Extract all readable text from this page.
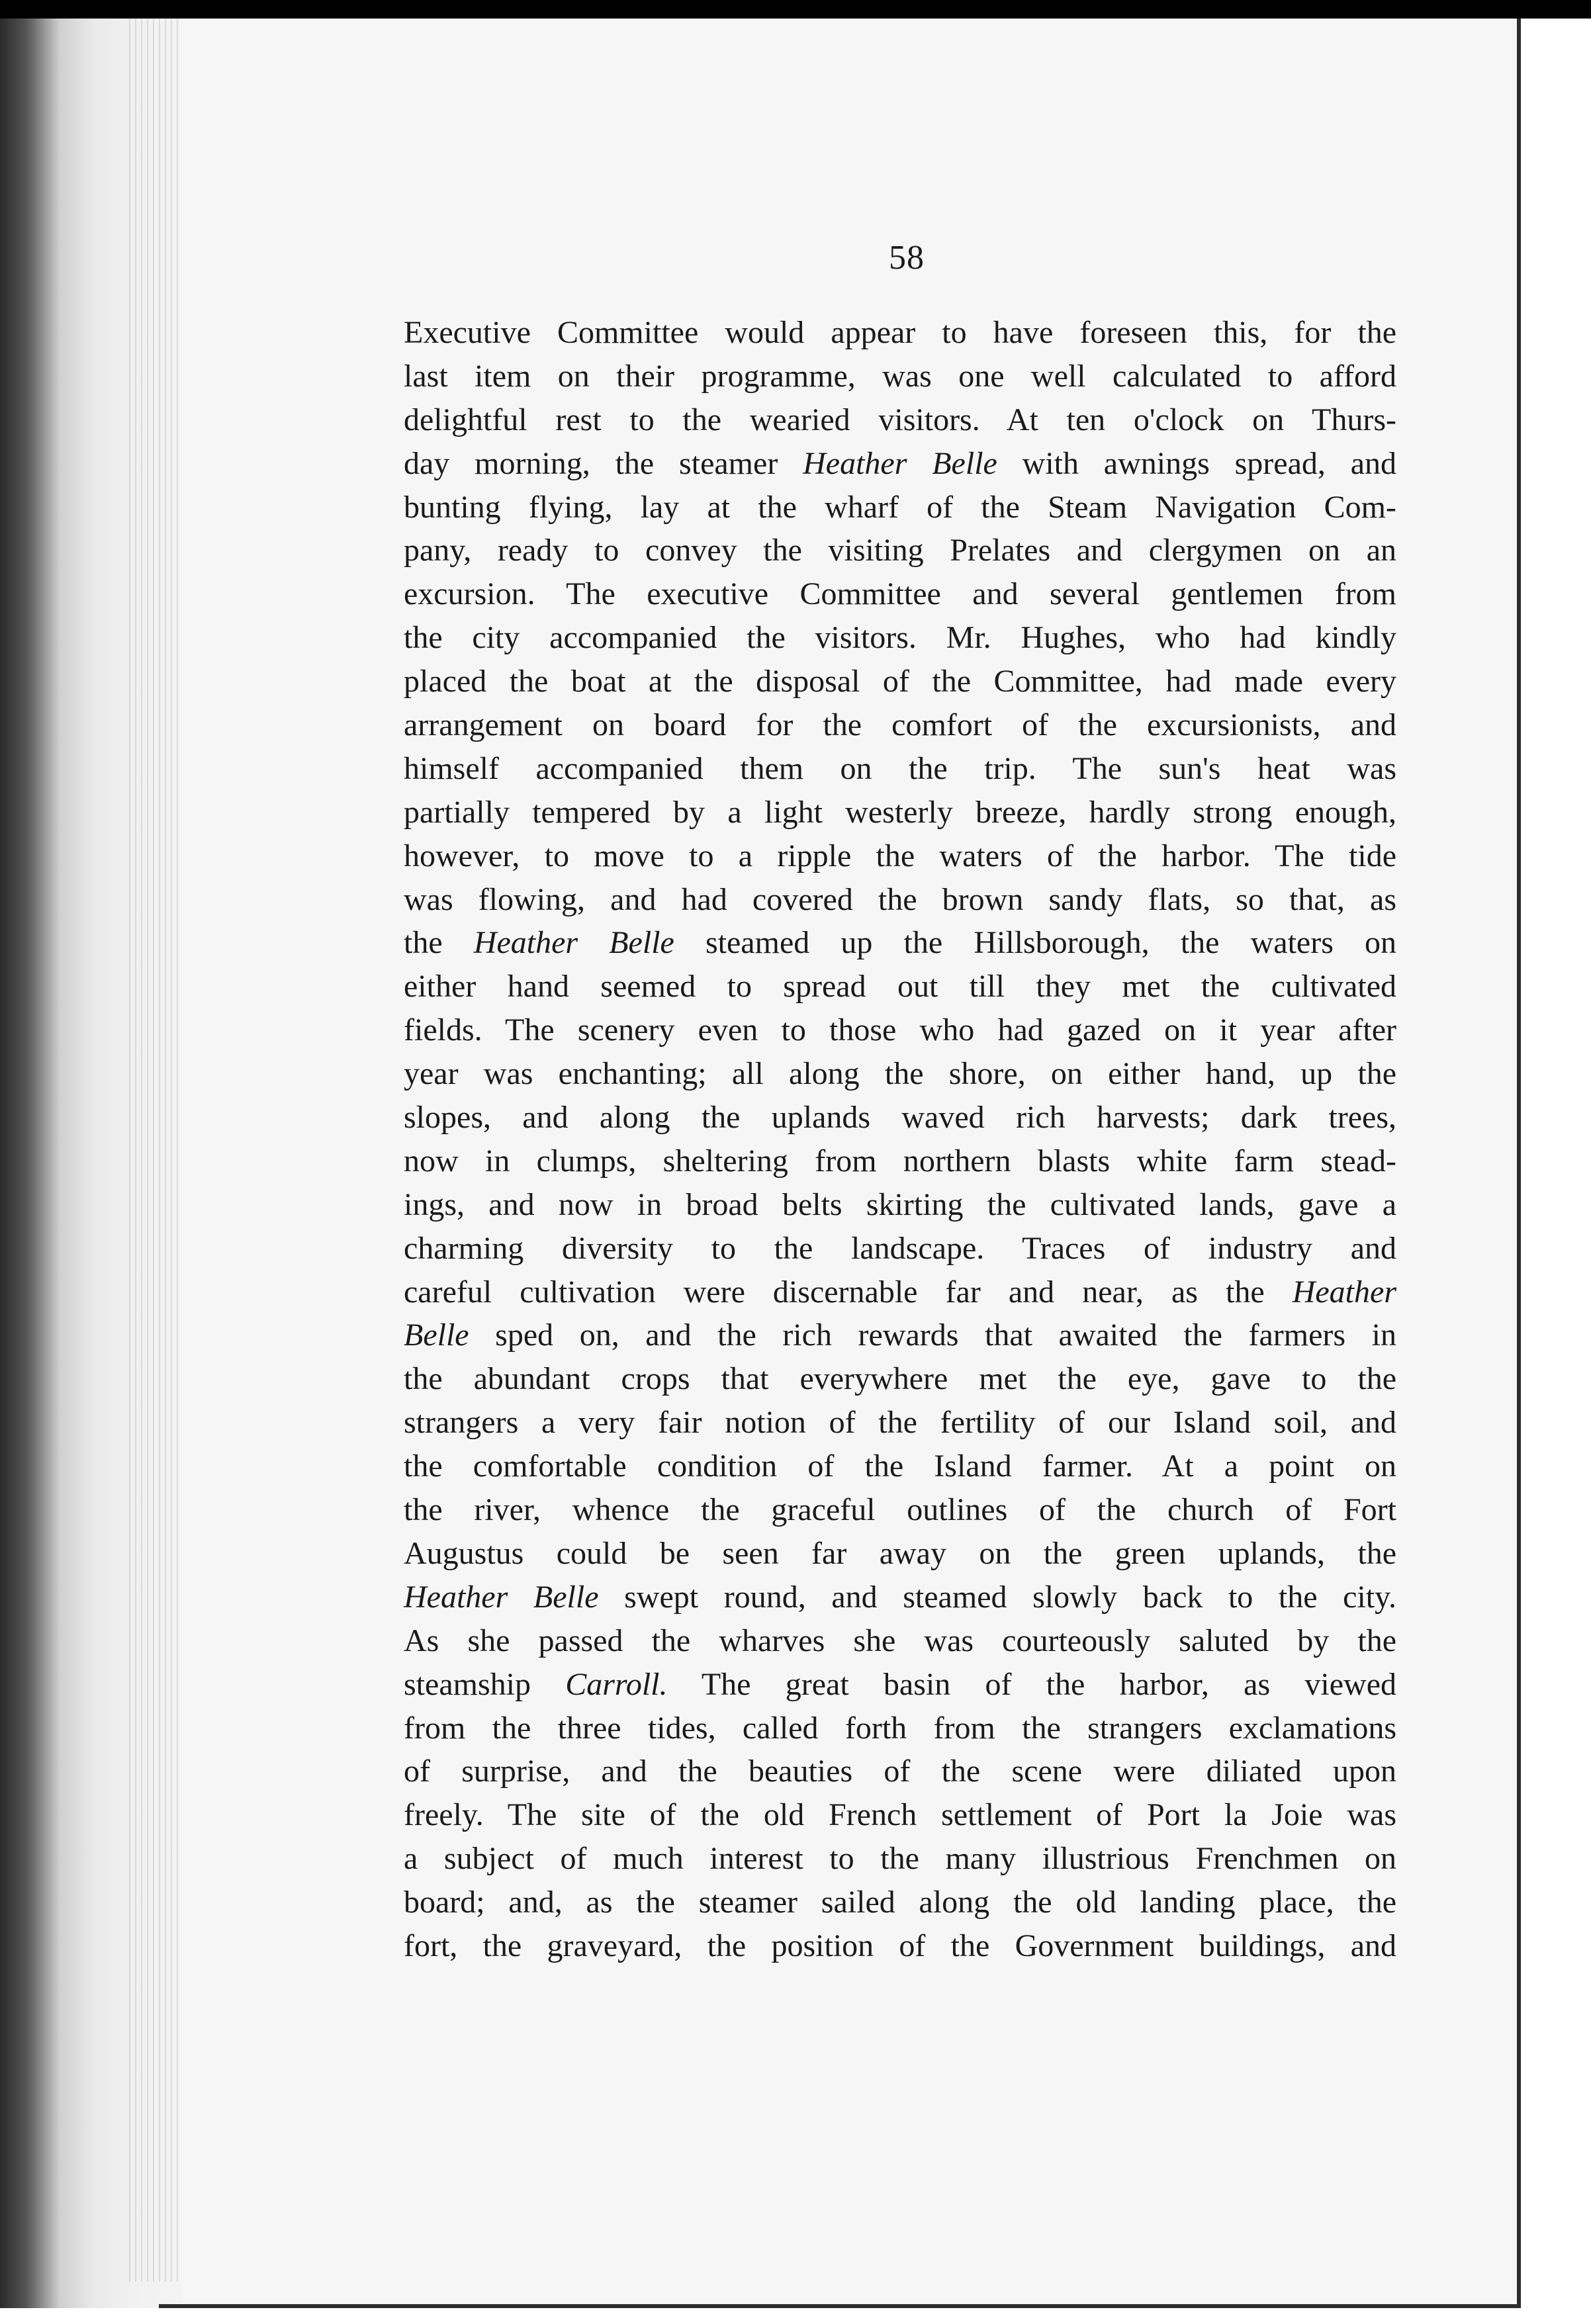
58
Executive Committee would appear to have foreseen this, for the
last item on their programme, was one well calculated to afford
delightful rest to the wearied visitors. At ten o'clock on Thurs-
day morning, the steamer Heather Belle with awnings spread, and
bunting flying, lay at the wharf of the Steam Navigation Com-
pany, ready to convey the visiting Prelates and clergymen on an
excursion. The executive Committee and several gentlemen from
the city accompanied the visitors. Mr. Hughes, who had kindly
placed the boat at the disposal of the Committee, had made every
arrangement on board for the comfort of the excursionists, and
himself accompanied them on the trip. The sun's heat was
partially tempered by a light westerly breeze, hardly strong enough,
however, to move to a ripple the waters of the harbor. The tide
was flowing, and had covered the brown sandy flats, so that, as
the Heather Belle steamed up the Hillsborough, the waters on
either hand seemed to spread out till they met the cultivated
fields. The scenery even to those who had gazed on it year after
year was enchanting; all along the shore, on either hand, up the
slopes, and along the uplands waved rich harvests; dark trees,
now in clumps, sheltering from northern blasts white farm stead-
ings, and now in broad belts skirting the cultivated lands, gave a
charming diversity to the landscape. Traces of industry and
careful cultivation were discernable far and near, as the Heather
Belle sped on, and the rich rewards that awaited the farmers in
the abundant crops that everywhere met the eye, gave to the
strangers a very fair notion of the fertility of our Island soil, and
the comfortable condition of the Island farmer. At a point on
the river, whence the graceful outlines of the church of Fort
Augustus could be seen far away on the green uplands, the
Heather Belle swept round, and steamed slowly back to the city.
As she passed the wharves she was courteously saluted by the
steamship Carroll. The great basin of the harbor, as viewed
from the three tides, called forth from the strangers exclamations
of surprise, and the beauties of the scene were diliated upon
freely. The site of the old French settlement of Port la Joie was
a subject of much interest to the many illustrious Frenchmen on
board; and, as the steamer sailed along the old landing place, the
fort, the graveyard, the position of the Government buildings, and
